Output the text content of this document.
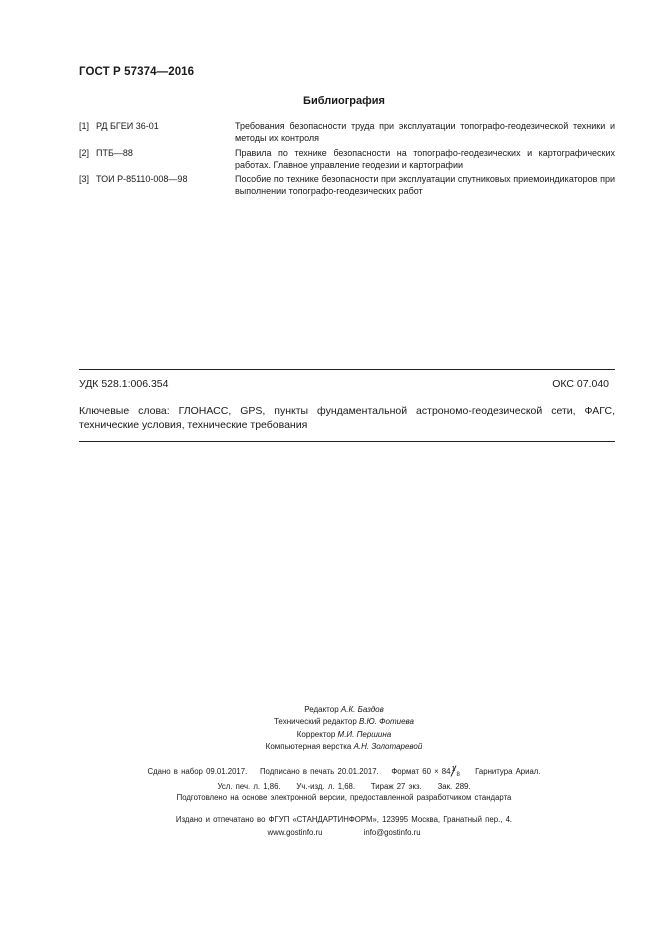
ГОСТ Р 57374—2016
Библиография
[1] РД БГЕИ 36-01	Требования безопасности труда при эксплуатации топографо-геодезической техники и методы их контроля
[2] ПТБ—88	Правила по технике безопасности на топографо-геодезических и картографических работах. Главное управление геодезии и картографии
[3] ТОИ Р-85110-008—98	Пособие по технике безопасности при эксплуатации спутниковых приемоиндикаторов при выполнении топографо-геодезических работ
УДК 528.1:006.354	ОКС 07.040
Ключевые слова: ГЛОНАСС, GPS, пункты фундаментальной астрономо-геодезической сети, ФАГС, технические условия, технические требования
Редактор А.К. Баздов
Технический редактор В.Ю. Фотиева
Корректор М.И. Першина
Компьютерная верстка А.Н. Золотаревой
Сдано в набор 09.01.2017. Подписано в печать 20.01.2017. Формат 60 × 84 8 Гарнитура Ариал.
Усл. печ. л. 1,86.     Уч.-изд. л. 1,68.     Тираж 27 экз.     Зак. 289.
Подготовлено на основе электронной версии, предоставленной разработчиком стандарта
Издано и отпечатано во ФГУП «СТАНДАРТИНФОРМ», 123995 Москва, Гранатный пер., 4.
www.gostinfo.ru	info@gostinfo.ru
